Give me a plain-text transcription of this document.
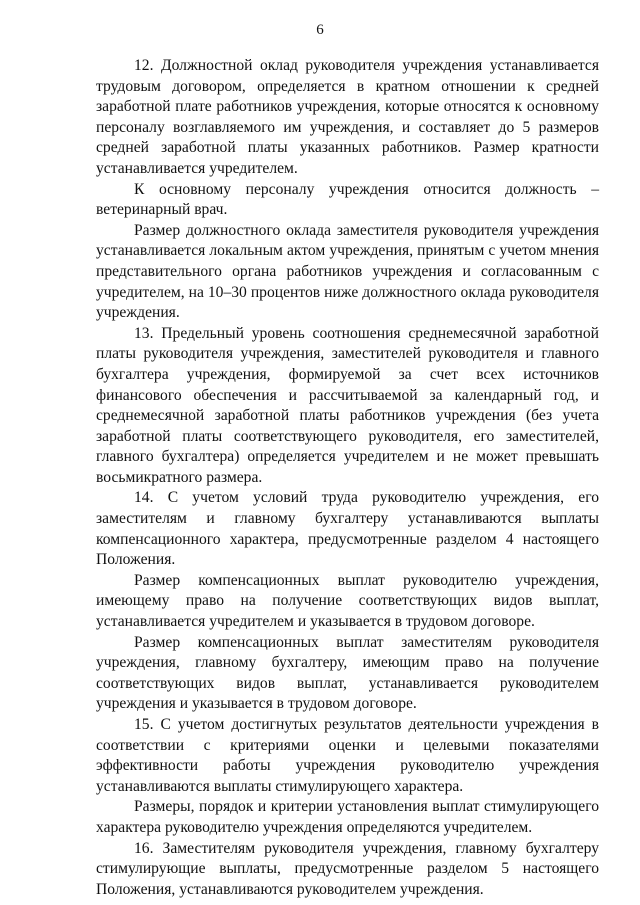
6

12. Должностной оклад руководителя учреждения устанавливается трудовым договором, определяется в кратном отношении к средней заработной плате работников учреждения, которые относятся к основному персоналу возглавляемого им учреждения, и составляет до 5 размеров средней заработной платы указанных работников. Размер кратности устанавливается учредителем.

К основному персоналу учреждения относится должность – ветеринарный врач.

Размер должностного оклада заместителя руководителя учреждения устанавливается локальным актом учреждения, принятым с учетом мнения представительного органа работников учреждения и согласованным с учредителем, на 10–30 процентов ниже должностного оклада руководителя учреждения.

13. Предельный уровень соотношения среднемесячной заработной платы руководителя учреждения, заместителей руководителя и главного бухгалтера учреждения, формируемой за счет всех источников финансового обеспечения и рассчитываемой за календарный год, и среднемесячной заработной платы работников учреждения (без учета заработной платы соответствующего руководителя, его заместителей, главного бухгалтера) определяется учредителем и не может превышать восьмикратного размера.

14. С учетом условий труда руководителю учреждения, его заместителям и главному бухгалтеру устанавливаются выплаты компенсационного характера, предусмотренные разделом 4 настоящего Положения.

Размер компенсационных выплат руководителю учреждения, имеющему право на получение соответствующих видов выплат, устанавливается учредителем и указывается в трудовом договоре.

Размер компенсационных выплат заместителям руководителя учреждения, главному бухгалтеру, имеющим право на получение соответствующих видов выплат, устанавливается руководителем учреждения и указывается в трудовом договоре.

15. С учетом достигнутых результатов деятельности учреждения в соответствии с критериями оценки и целевыми показателями эффективности работы учреждения руководителю учреждения устанавливаются выплаты стимулирующего характера.

Размеры, порядок и критерии установления выплат стимулирующего характера руководителю учреждения определяются учредителем.

16. Заместителям руководителя учреждения, главному бухгалтеру стимулирующие выплаты, предусмотренные разделом 5 настоящего Положения, устанавливаются руководителем учреждения.
